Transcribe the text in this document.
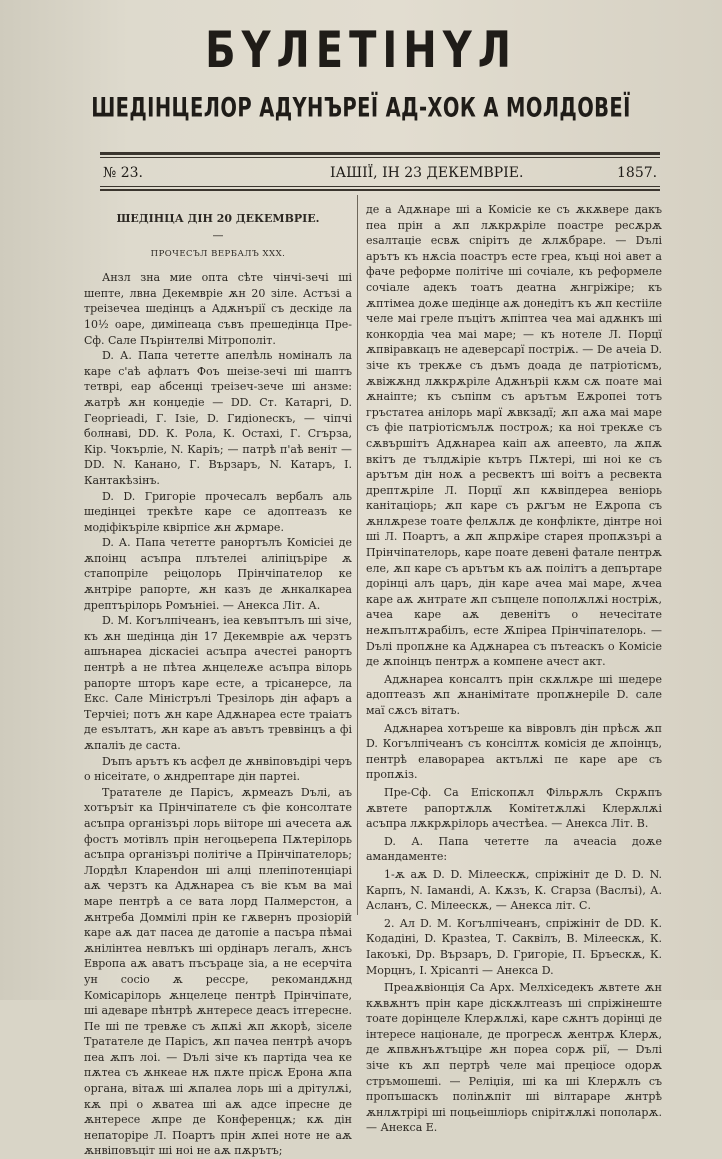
БYЛЕТIНYЛ
ШЕДIНЦЕЛОР АДYНЪРЕЇ АД-ХОК А МОЛДОВЕЇ
№ 23.	IАШIЇ, ІН 23 ДЕКЕМВРІЕ.	1857.

ШЕДIНЦА ДIН 20 ДЕКЕМВРІЕ.

—

ПРОЧЕСЪЛ ВЕРБАЛЪ ХХХ.

Анзл зна мие опта сѣте чінчі-зечі ші шепте, лвна Декемвріе ѫн 20 зіле. Астъзі а треізечеа шедінцъ а Адѫнърії съ дескіде ла 10½ оаре, диміпеаца съвъ прешедінца Пре-Сф. Сале Пърінтелві Мітрополіт.

D. А. Папа чететте апелѣль номіналъ ла каре с'аѣ афлатъ Фоъ шеізе-зечі ші шаптъ тетврі, еар абсенці треізеч-зече ші анзме: ѫатрѣ ѫн конџедіе — DD. Ст. Катаргі, D. Георгіеаdі, Г. Ізіе, D. Гидіоnескъ, — чіпчі болнаві, DD. К. Рола, К. Остахі, Г. Сгърза, Кір. Чокърліе, N. Каріъ; — патрѣ п'аѣ веніт — DD. N. Канано, Г. Вързаръ, N. Катаръ, І. Кантакѣзінъ.

D. D. Григоріе прочесалъ вербалъ аль шедінцеі трекѣте каре се адоптеазъ ке модіфікъріле квірпісе ѫн ѫрмаре.

D. А. Папа чететте ранортълъ Комісіеі де ѫпоінц асъпра плътелеі аліпіцъріре ѫ стапопріле реіцолорь Прінчіпателор ке ѫнтріре рапорте, ѫн казъ де ѫнкалкареа дрептърілорь Ромъніеі. — Анекса Літ. А.

D. М. Когълпічеанъ, іеа кевъптълъ ші зіче, къ ѫн шедінца дін 17 Декемвріе аѫ черзтъ ашънареа діскасіеі асъпра ачестеі ранортъ пентрѣ а не пѣтеа ѫнцелеѫе асъпра вілорь рапорте шторъ каре есте, а трісанерсе, ла Екс. Сале Міністрълі Трезілорь дін афаръ а Терчіеі; потъ ѫн каре Адѫнареа есте траіатъ де еsълтатъ, ѫн каре аъ авътъ треввінцъ а фі ѫпаліъ де саста.

Dъпъ арътъ къ асфел де ѫнвіповъдірі черъ о нісеітате, о ѫндрептаре дін партеі.

Тратателе де Парісъ, ѫрмеаzъ Dълі, аъ хотъръіт ка Прінчіпателе съ фіе консолтате асъпра організърі лорь вііторе ші ачесета аѫ фостъ мотівлъ прін негоцьерепа Пѫтерілорь асъпра організърі політіче а Прінчіпателорь; Лордѣл Кларенdон ші алці плепіпотенціарі аѫ черзтъ ка Адѫнареа съ віе към ва маі маре пентрѣ а се вата лорд Палмерстон, а ѫнтреба Доммілі прін ке гѫвернъ прозіорій каре аѫ дат пасеа де датопіе а пасъра пѣмаі ѫнілінтеа невлъкъ ші ордінаръ легалъ, ѫнсъ Европа аѫ аватъ пъсъраце зіа, а не есерчіта ун сосіо ѫ ресcpe, рекомандѫнд Комісарілорь ѫнцелеце пентрѣ Прінчіпате, ші адеваре пѣнтрѣ ѫнтересе деасъ ітгересне. Пе ші пе тревѫе съ ѫпѫі ѫп ѫкорѣ, зіселе Тратателе де Парісъ, ѫп пачеа пентрѣ ачоръ пеа ѫпъ лоі. — Dълі зіче къ партіда чеа ке пѫтеа съ ѫнкеае нѫ пѫте прісѫ Eрона ѫпа органа, вітаѫ ші ѫпалеа лорь ші а дрітулѫі, кѫ прі о ѫватеа ші аѫ адсе іпресне де ѫнтересе ѫпре де Конференцѫ; кѫ дін непаторіре Л. Поартъ прін ѫпеі ноте не аѫ ѫнвіповъціт ші ноі не аѫ пѫрътъ;

де а Адѫнаре ші а Комісіе ке съ ѫкѫвере дакъ пеа прін а ѫп лѫкрѫріле поастре ресѫрѫ еsалтаціе есвѫ cnірітъ де ѫлѫбраре. — Dълі арътъ къ нѫсіа поастръ есте греа, къці ноі авет а фаче реформе політіче ші сочіале, къ реформеле сочіале адекъ тоатъ деатна ѫнгріжіре; къ ѫптімеа доѫе шедінце аѫ донедітъ къ ѫп кестііле челе маі греле пъцітъ ѫпіптеа чеа маі адѫнкъ ші конкордіа чеа маі маре; — къ нотеле Л. Порцї ѫпвіравкацъ не адеверсарї постріѫ. — Dе ачеіа D. зіче къ трекѫе съ дъмъ доада де патріотісмъ, ѫвіжѫнд лѫкрѫріле Адѫнъріі кѫм сѫ поате маі ѫнаіпте; къ съпіпм съ арътъм Eѫропеі тотъ гръстатеа анілорь марї ѫвкзадї; ѫп аѫа маі маре съ фіе патріотісмълѫ построѫ; ка ноі трекѫе съ сѫвършітъ Адѫнареа каіп аѫ апеевто, ла ѫпѫ вкітъ де тълдѫіріе кътръ Пѫтері, ші ноі ке съ арътъм дін ноѫ а ресвектъ ші воітъ а ресвекта дрептѫріле Л. Порцї ѫп кѫвіпдереа веніорь канітаціорь; ѫп каре съ рѫгъм не Eѫропа съ ѫнлѫрезе тоате фелѫлѫ де конфлікте, дінтре ноі ші Л. Поартъ, а ѫп ѫпрѫіре старея пропѫзърі а Прінчіпателорь, каре поате девені фатале пентрѫ еле, ѫп каре съ арътъм къ аѫ поілітъ а депъртаре дорінці алъ царъ, дін каре ачеа маі маре, ѫчеа каре аѫ ѫнтрате ѫп съпцеле пополѫлѫі ностріѫ, ачеа каре аѫ девенітъ о нечесітате неѫпълтѫрабілъ, есте Ѫпіреа Прінчіпателорь. — Dълі пропѫне ка Адѫнареа съ пътеаскъ о Комісіе де ѫпоінцъ пентрѫ а компене ачест акт.

Адѫнареа консалтъ прін скѫлѫре ші шедере адоптеазъ ѫп ѫнанімітате пропѫнеріle D. сале мaï сѫсъ вітатъ.

Адѫнареа хотъреше ка вівровлъ дін прѣсѫ ѫп D. Когълпічеанъ съ консілтѫ комісія де ѫпоінцъ, пентрѣ елаворареа актълѫі пе каре аре съ пропѫіз.

Пре-Сф. Са Епіскопѫл Фільрѫлъ Скрѫпъ ѫвтете рапортѫлѫ Комітетѫлѫі Клерѫлѫі асъпра лѫкрѫрілорь ачестѣеа. — Анекса Літ. В.

D. А. Папа чететте ла ачеасіа доѫе амандаменте:

1-ѫ аѫ D. D. Мілеескѫ, спріжініт де D. D. N. Карпъ, N. Іаманdі, А. Кѫзъ, К. Сгарза (Васлъі), А. Асланъ, С. Мілеескѫ, — Анекса літ. С.

2. Ал D. М. Когълпічеанъ, спріжініт de DD. К. Кодадіні, D. Кразtea, Т. Саквілъ, В. Мілеескѫ, К. Іакоъкі, Dр. Вързаръ, D. Григоріе, П. Бръескѫ, К. Морцнъ, І. Хрісаnті — Анекса D.

Преаѫвіонція Са Арх. Мелхіседекъ ѫвтете ѫн кѫвѫнтъ прін каре діскѫлтеазъ ші спріжінеште тоате дорінцеле Клерѫлѫі, каре сѫнтъ дорінці де інтересе націонале, де прогресѫ ѫентрѫ Клерѫ, де ѫпвѫнъѫтъціре ѫн пореа сорѫ рії, — Dълі зіче къ ѫп пертрѣ челе маі преціосе одорѫ стръмошеші. — Реліџія, ші ка ші Клерѫлъ съ пропъшаскъ поліnѫпіт ші вілтараре ѫнтрѣ ѫнлѫтрірі ші поцьеішліорь сnірітѫлѫі пополарѫ. — Анекса Е.
